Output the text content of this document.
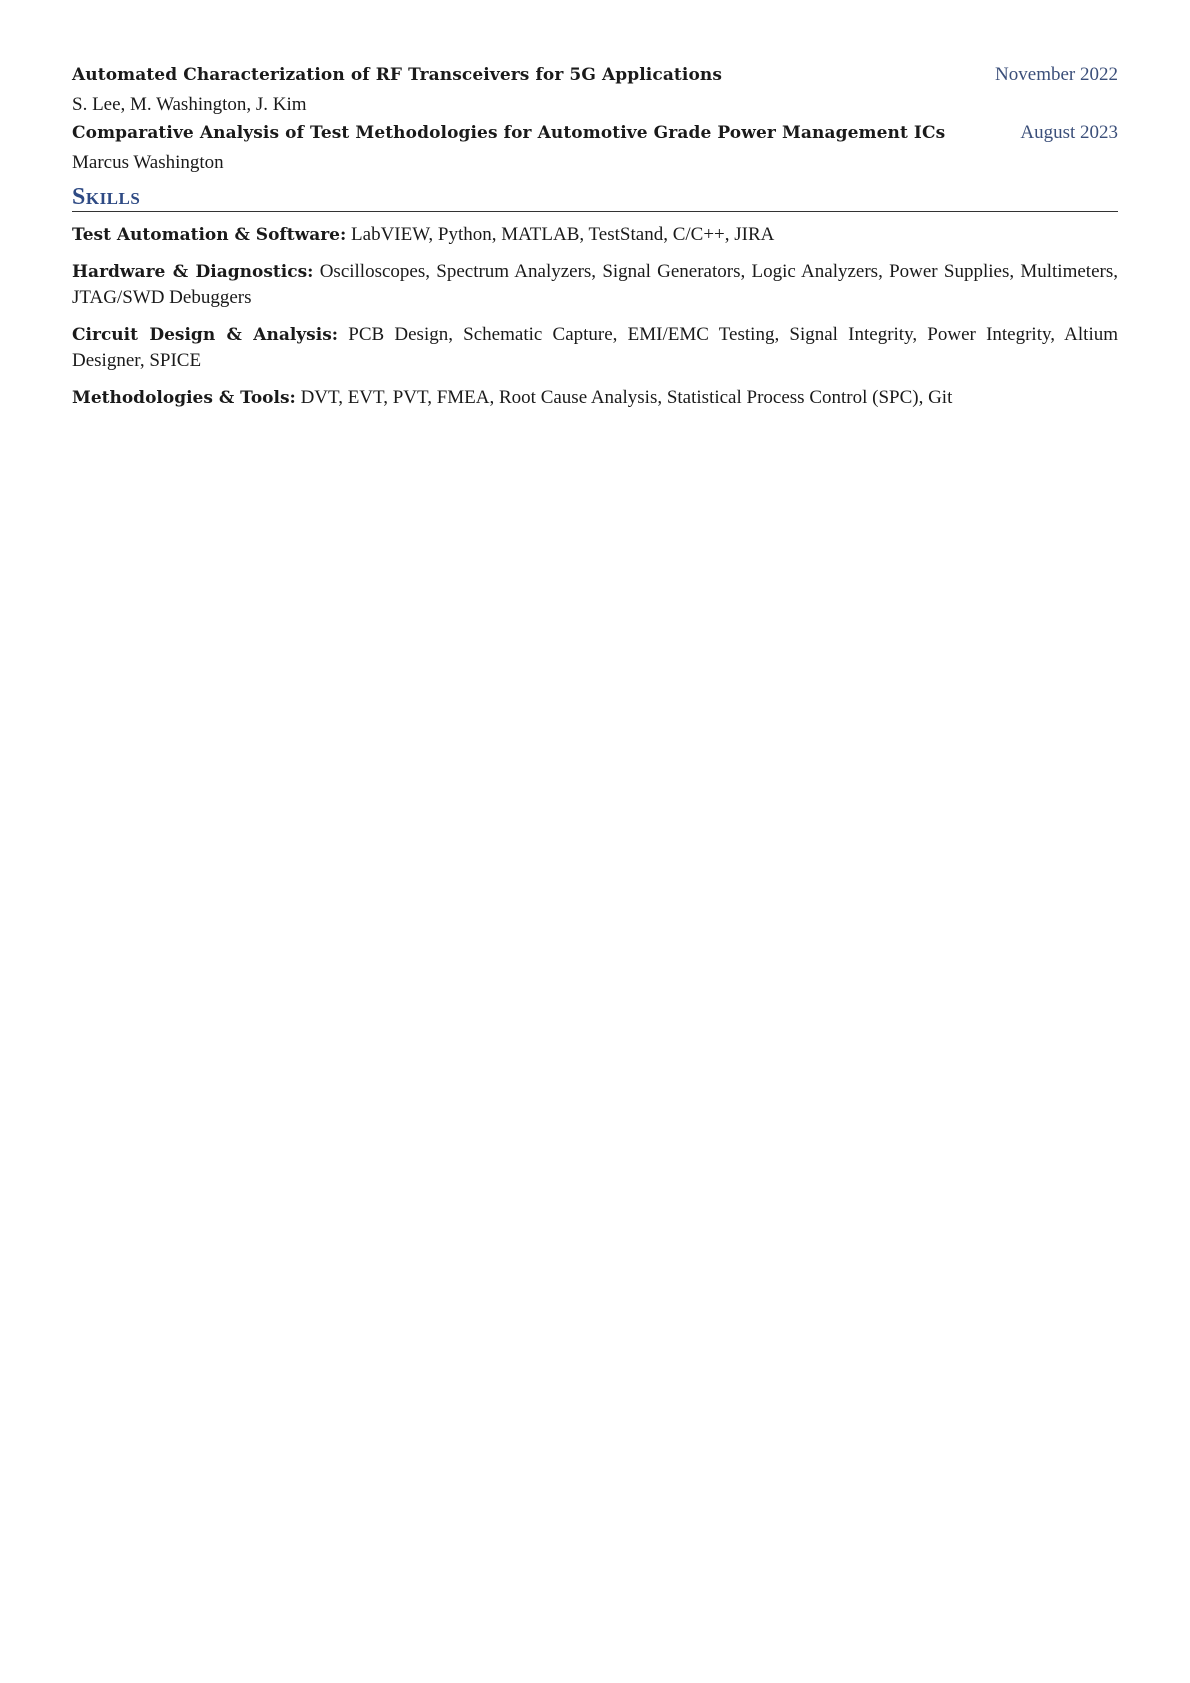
Automated Characterization of RF Transceivers for 5G Applications	November 2022
S. Lee, M. Washington, J. Kim
Comparative Analysis of Test Methodologies for Automotive Grade Power Management ICs	August 2023
Marcus Washington
Skills
Test Automation & Software: LabVIEW, Python, MATLAB, TestStand, C/C++, JIRA
Hardware & Diagnostics: Oscilloscopes, Spectrum Analyzers, Signal Generators, Logic Analyzers, Power Supplies, Multimeters, JTAG/SWD Debuggers
Circuit Design & Analysis: PCB Design, Schematic Capture, EMI/EMC Testing, Signal Integrity, Power Integrity, Altium Designer, SPICE
Methodologies & Tools: DVT, EVT, PVT, FMEA, Root Cause Analysis, Statistical Process Control (SPC), Git
